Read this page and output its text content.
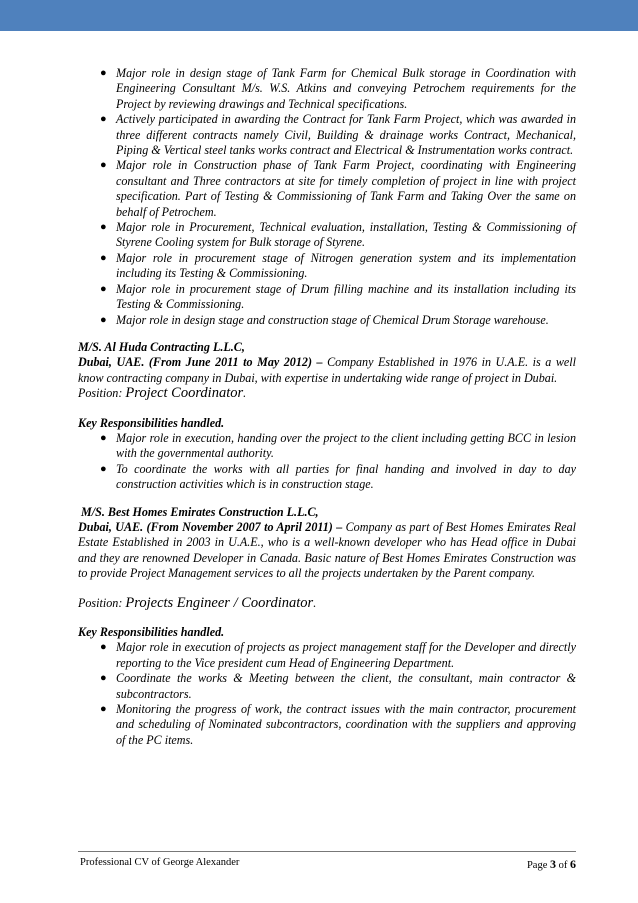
● Major role in design stage of Tank Farm for Chemical Bulk storage in Coordination with Engineering Consultant M/s. W.S. Atkins and conveying Petrochem requirements for the Project by reviewing drawings and Technical specifications.
● Actively participated in awarding the Contract for Tank Farm Project, which was awarded in three different contracts namely Civil, Building & drainage works Contract, Mechanical, Piping & Vertical steel tanks works contract and Electrical & Instrumentation works contract.
● Major role in Construction phase of Tank Farm Project, coordinating with Engineering consultant and Three contractors at site for timely completion of project in line with project specification. Part of Testing & Commissioning of Tank Farm and Taking Over the same on behalf of Petrochem.
● Major role in Procurement, Technical evaluation, installation, Testing & Commissioning of Styrene Cooling system for Bulk storage of Styrene.
● Major role in procurement stage of Nitrogen generation system and its implementation including its Testing & Commissioning.
● Major role in procurement stage of Drum filling machine and its installation including its Testing & Commissioning.
● Major role in design stage and construction stage of Chemical Drum Storage warehouse.

M/S. Al Huda Contracting L.L.C,

Dubai, UAE. (From June 2011 to May 2012) – Company Established in 1976 in U.A.E. is a well know contracting company in Dubai, with expertise in undertaking wide range of project in Dubai.

Position: Project Coordinator.

Key Responsibilities handled.

● Major role in execution, handing over the project to the client including getting BCC in lesion with the governmental authority.
● To coordinate the works with all parties for final handing and involved in day to day construction activities which is in construction stage.

M/S. Best Homes Emirates Construction L.L.C,

Dubai, UAE. (From November 2007 to April 2011) – Company as part of Best Homes Emirates Real Estate Established in 2003 in U.A.E., who is a well-known developer who has Head office in Dubai and they are renowned Developer in Canada. Basic nature of Best Homes Emirates Construction was to provide Project Management services to all the projects undertaken by the Parent company.

Position: Projects Engineer / Coordinator.

Key Responsibilities handled.

● Major role in execution of projects as project management staff for the Developer and directly reporting to the Vice president cum Head of Engineering Department.
● Coordinate the works & Meeting between the client, the consultant, main contractor & subcontractors.
● Monitoring the progress of work, the contract issues with the main contractor, procurement and scheduling of Nominated subcontractors, coordination with the suppliers and approving of the PC items.
Professional CV of George Alexander	Page 3 of 6
